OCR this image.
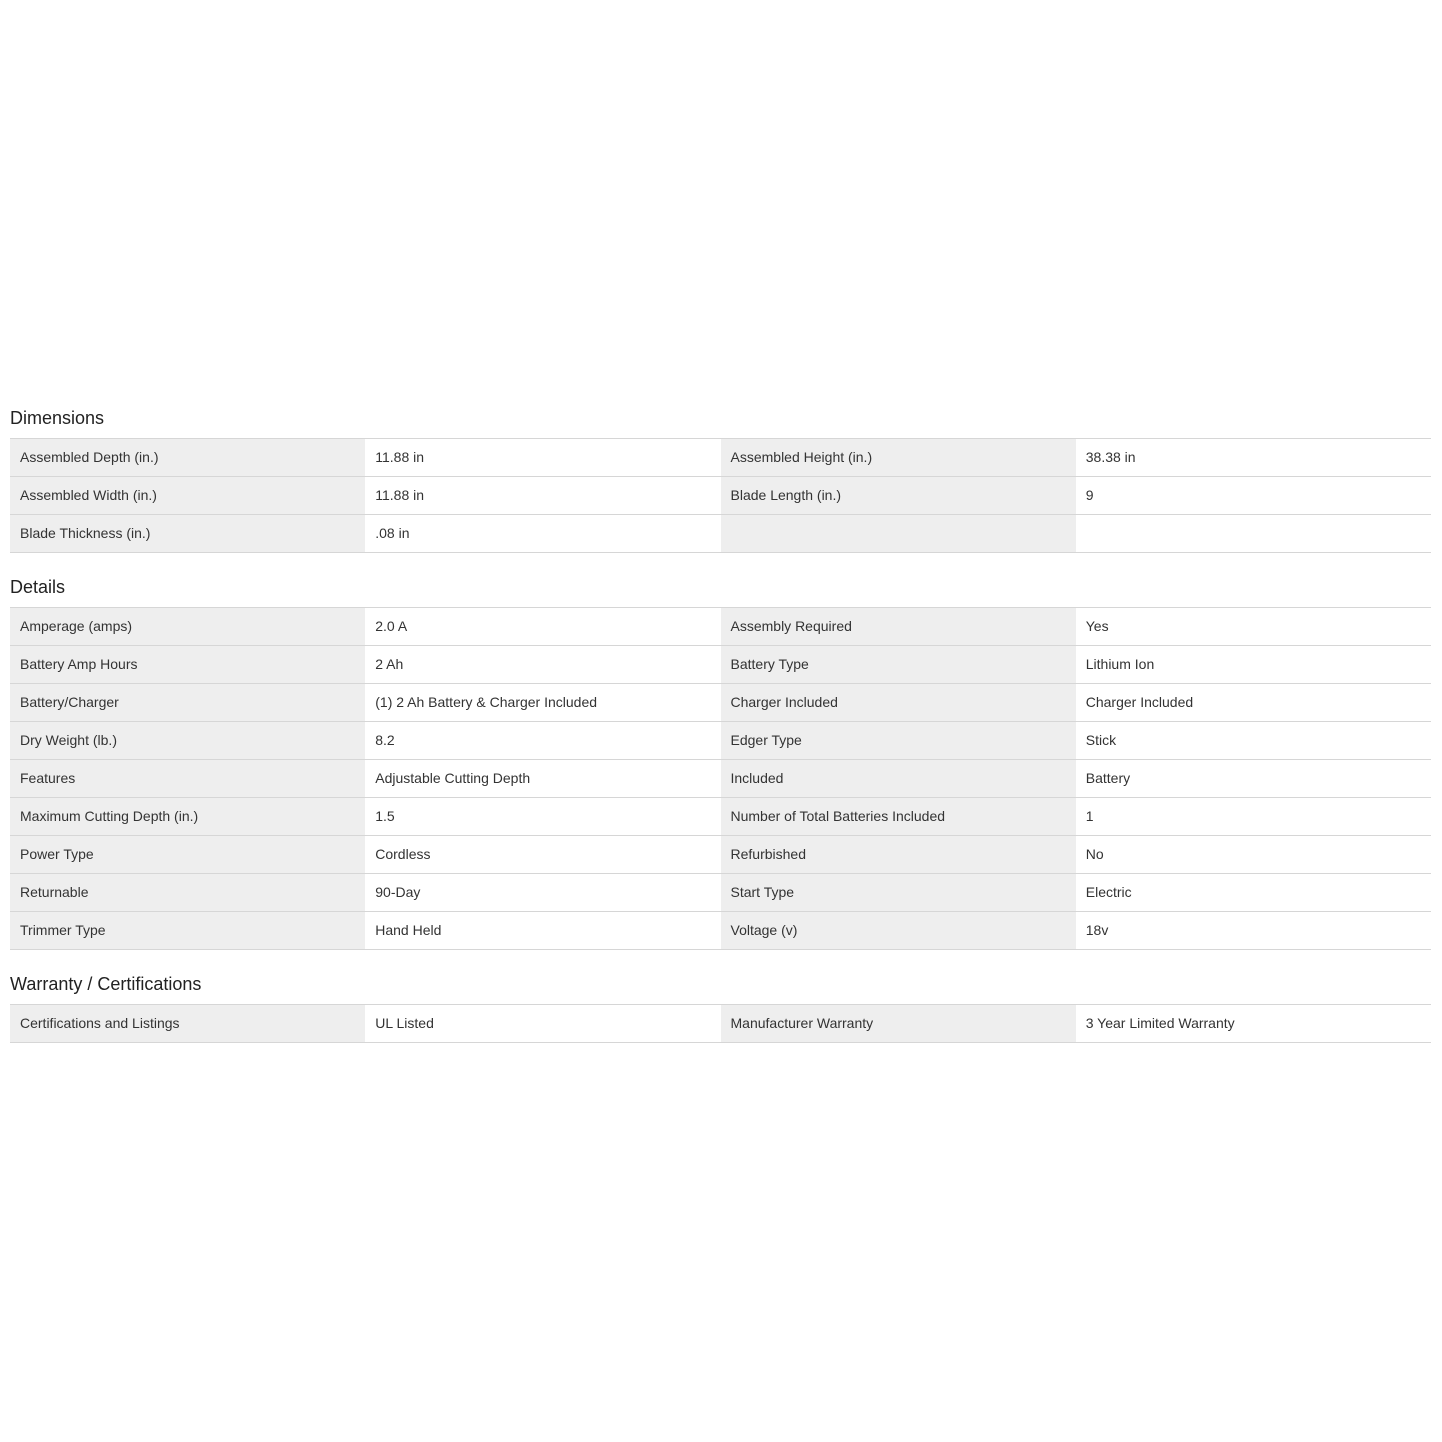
Dimensions
Assembled Depth (in.)	11.88 in	Assembled Height (in.)	38.38 in
Assembled Width (in.)	11.88 in	Blade Length (in.)	9
Blade Thickness (in.)	.08 in
Details
Amperage (amps)	2.0 A	Assembly Required	Yes
Battery Amp Hours	2 Ah	Battery Type	Lithium Ion
Battery/Charger	(1) 2 Ah Battery & Charger Included	Charger Included	Charger Included
Dry Weight (lb.)	8.2	Edger Type	Stick
Features	Adjustable Cutting Depth	Included	Battery
Maximum Cutting Depth (in.)	1.5	Number of Total Batteries Included	1
Power Type	Cordless	Refurbished	No
Returnable	90-Day	Start Type	Electric
Trimmer Type	Hand Held	Voltage (v)	18v
Warranty / Certifications
Certifications and Listings	UL Listed	Manufacturer Warranty	3 Year Limited Warranty
